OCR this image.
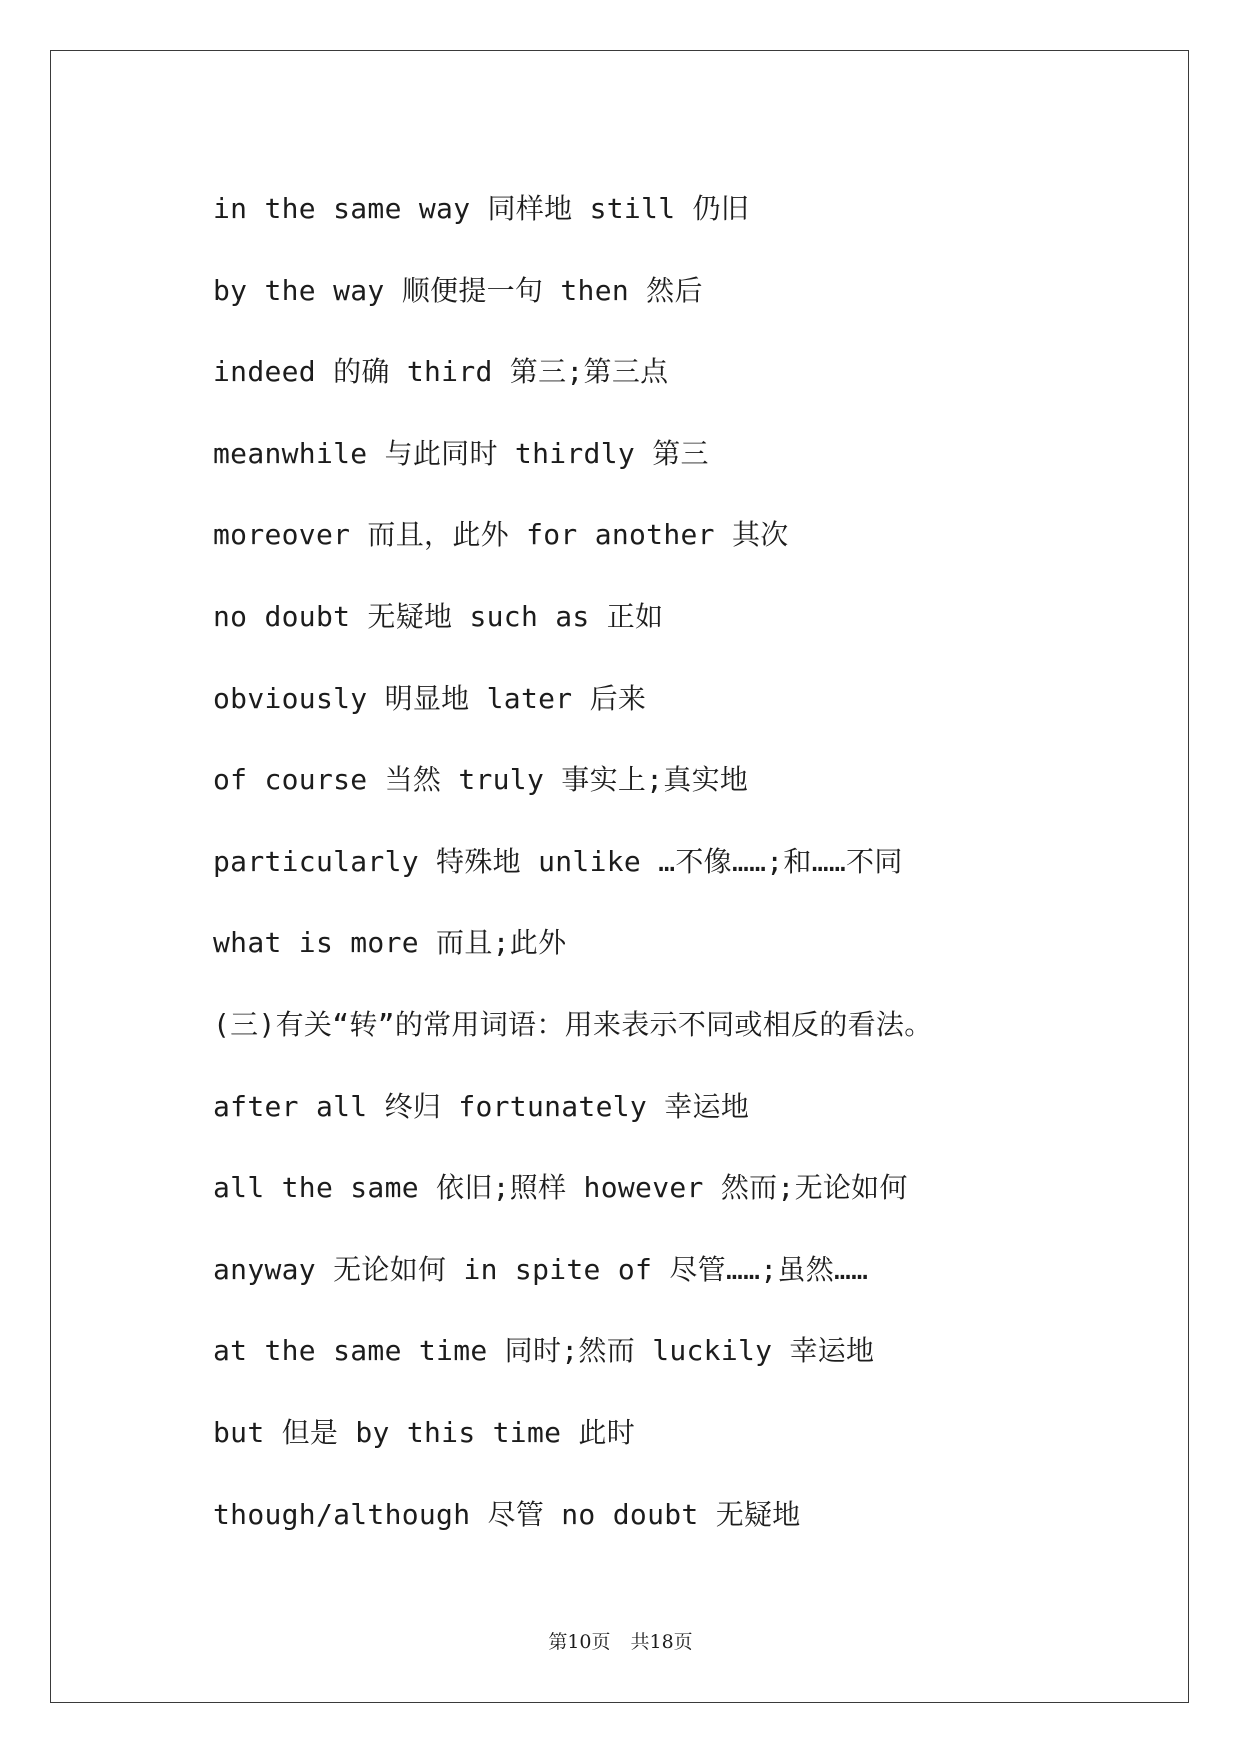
in the same way 同样地 still 仍旧
by the way 顺便提一句 then 然后
indeed 的确 third 第三;第三点
meanwhile 与此同时 thirdly 第三
moreover 而且，此外 for another 其次
no doubt 无疑地 such as 正如
obviously 明显地 later 后来
of course 当然 truly 事实上;真实地
particularly 特殊地 unlike …不像……;和……不同
what is more 而且;此外
(三)有关“转”的常用词语：用来表示不同或相反的看法。
after all 终归 fortunately 幸运地
all the same 依旧;照样 however 然而;无论如何
anyway 无论如何 in spite of 尽管……;虽然……
at the same time 同时;然而 luckily 幸运地
but 但是 by this time 此时
though/although 尽管 no doubt 无疑地
第10页 共18页
